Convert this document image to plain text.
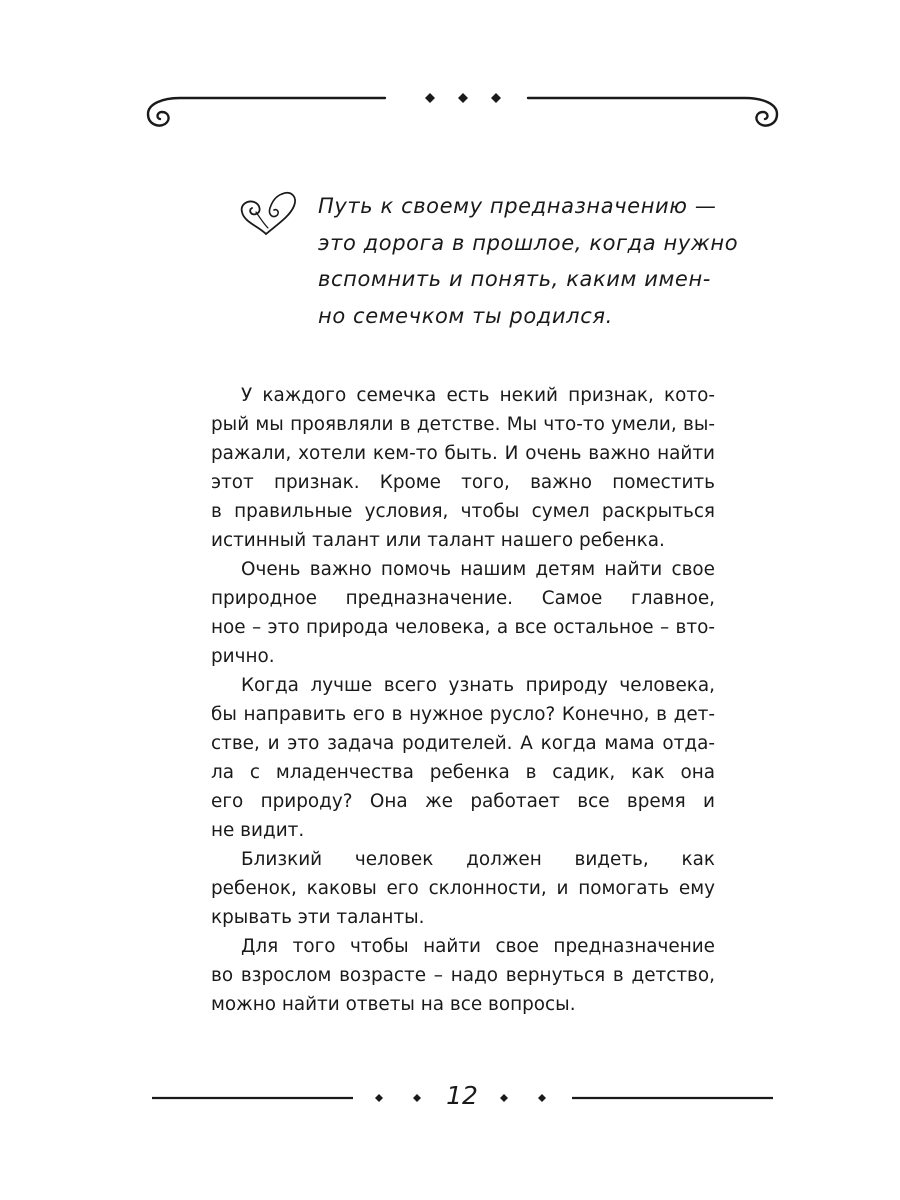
Путь к своему предназначению —
это дорога в прошлое, когда нужно
вспомнить и понять, каким имен-
но семечком ты родился.

У каждого семечка есть некий признак, кото-
рый мы проявляли в детстве. Мы что-то умели, вы-
ражали, хотели кем-то быть. И очень важно найти
этот признак. Кроме того, важно поместить
в правильные условия, чтобы сумел раскрыться
истинный талант или талант нашего ребенка.

Очень важно помочь нашим детям найти свое
природное предназначение. Самое главное,
ное – это природа человека, а все остальное – вто-
рично.

Когда лучше всего узнать природу человека,
бы направить его в нужное русло? Конечно, в дет-
стве, и это задача родителей. А когда мама отда-
ла с младенчества ребенка в садик, как она
его природу? Она же работает все время и
не видит.

Близкий человек должен видеть, как
ребенок, каковы его склонности, и помогать ему
крывать эти таланты.

Для того чтобы найти свое предназначение
во взрослом возрасте – надо вернуться в детство,
можно найти ответы на все вопросы.

12
